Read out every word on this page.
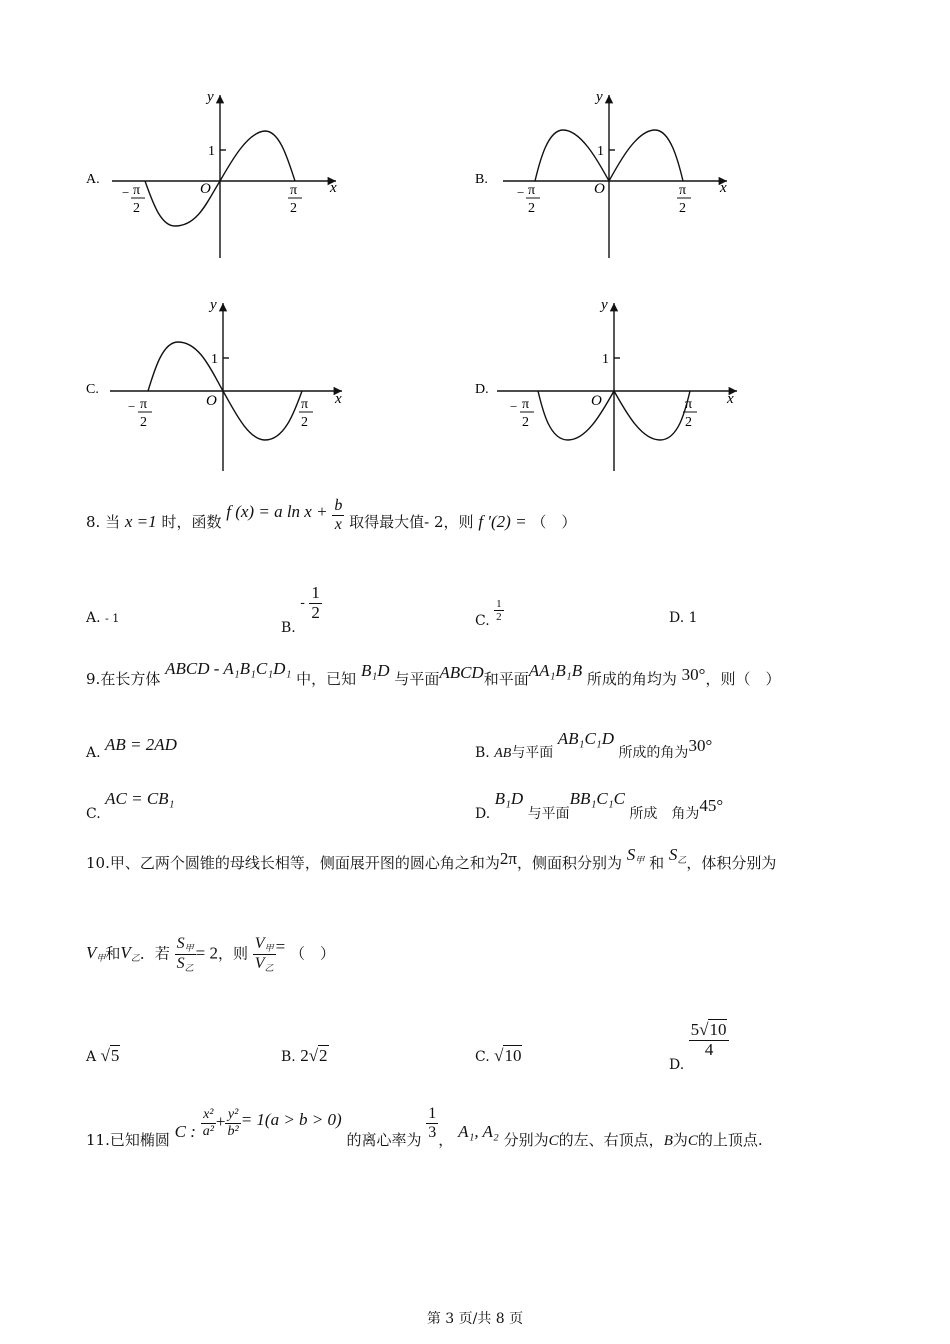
A.
y
x
O
1
− π
2
π
2
B.
y
x
O
1
− π
2
π
2
C.
y
x
O
1
− π
2
π
2
D.
y
x
O
1
− π
2
π
2
8. 当 x =1 时，函数 f (x) = a $\ln x + \frac{b}{x}$ 取得最大值- 2，则 f ′(2) = （　）
A. - 1
B. - $\frac{1}{2}$	C. $\frac{1}{2}$	D. 1
9.在长方体 ABCD - A₁B₁C₁D₁ 中，已知 B₁D 与平面ABCD和平面AA₁B₁B 所成的角均为 30°，则（　）
A. AB = 2AD	B. AB与平面 AB₁C₁D 所成的角为30°
C. AC = CB₁
D. B₁D 与平面BB₁C₁C 所成　角为45°
10.甲、乙两个圆锥的母线长相等，侧面展开图的圆心角之和为2π，侧面积分别为 $S_甲$ 和 $S_乙$，体积分别为
$V_甲$和$V_乙$．若 $\frac{S_甲}{S_乙} = 2$，则 $\frac{V_甲}{V_乙}$ = （　）
A √5	B. 2√2	C. √10
D.
$\frac{5√10}{4}$
11.已知椭圆 C : $\frac{\text{x²}}{\text{a²}} + \frac{\text{y²}}{\text{b²}} = 1(a > b > 0)$ 的离心率为 $\frac{1}{3}$ ， A₁, A₂ 分别为C的左、右顶点，B为C的上顶点.
第 3 页/共 8 页
